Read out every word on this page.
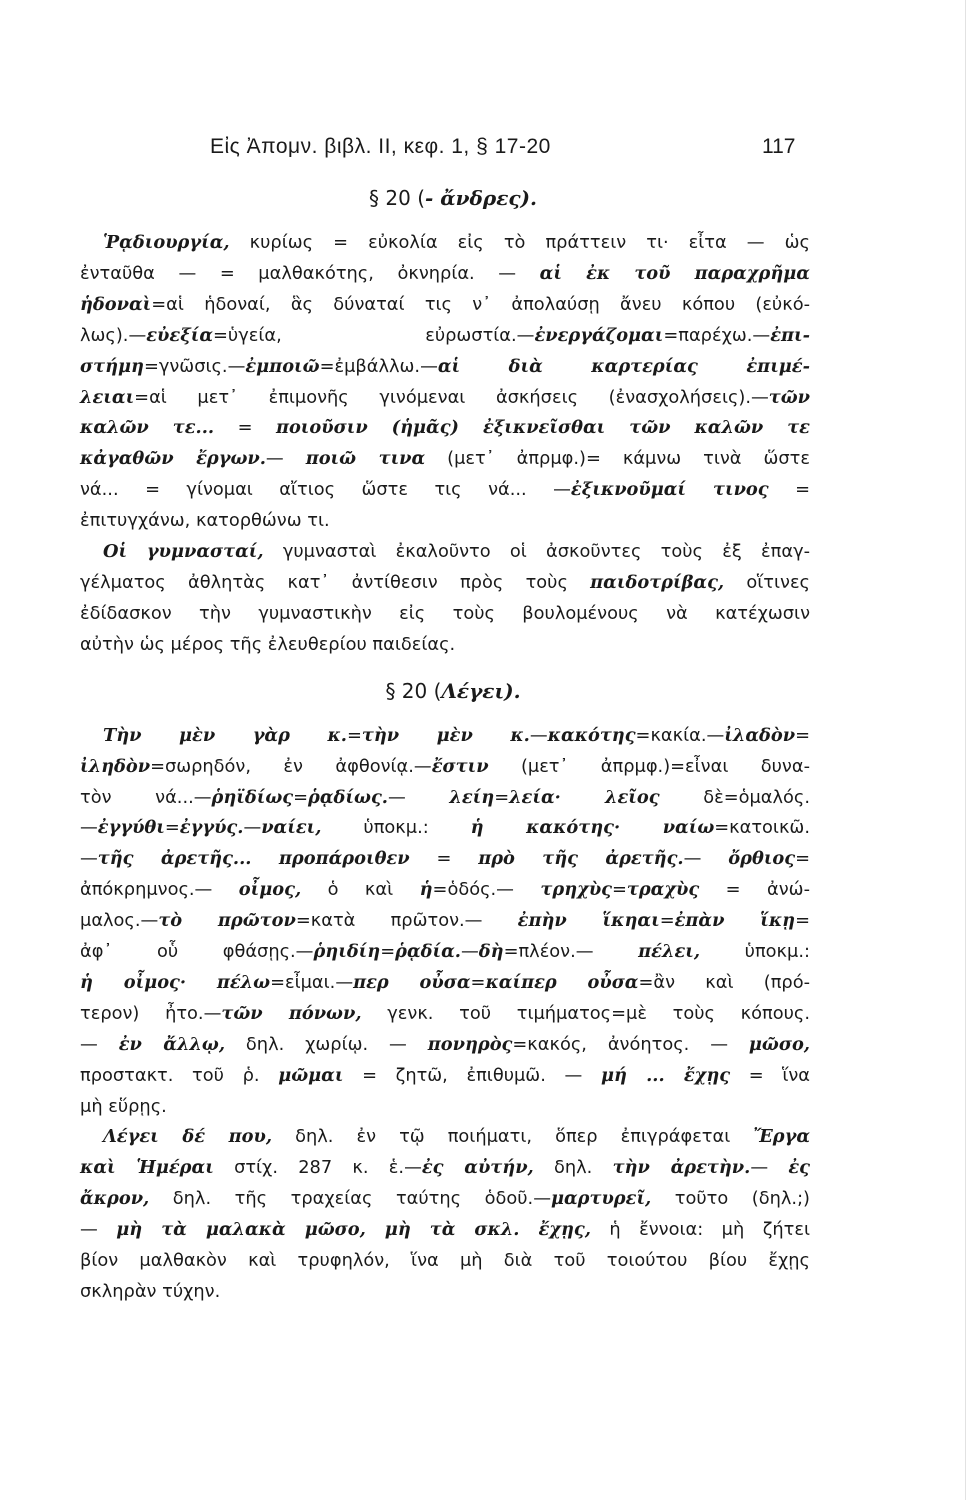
Εἰς Ἀπομν. βιβλ. ΙΙ, κεφ. 1, § 17-20	117
§ 20 (- ἄνδρες).
Ῥᾳδιουργία, κυρίως = εὐκολία εἰς τὸ πράττειν τι· εἶτα — ὡς
ἐνταῦθα — = μαλθακότης, ὀκνηρία. — αἱ ἐκ τοῦ παραχρῆμα
ἡδοναὶ=αἱ ἡδοναί, ἃς δύναταί τις ν᾿ ἀπολαύσῃ ἄνευ κόπου (εὐκό-
λως).—εὐεξία=ὑγεία, εὐρωστία.—ἐνεργάζομαι=παρέχω.—ἐπι-
στήμη=γνῶσις.—ἐμποιῶ=ἐμβάλλω.—αἱ διὰ καρτερίας ἐπιμέ-
λειαι=αἱ μετ᾿ ἐπιμονῆς γινόμεναι ἀσκήσεις (ἐνασχολήσεις).—τῶν
καλῶν τε... = ποιοῦσιν (ἡμᾶς) ἐξικνεῖσθαι τῶν καλῶν τε
κἀγαθῶν ἔργων.— ποιῶ τινα (μετ᾿ ἀπρμφ.)= κάμνω τινὰ ὥστε
νά... = γίνομαι αἴτιος ὥστε τις νά... —ἐξικνοῦμαί τινος =
ἐπιτυγχάνω, κατορθώνω τι.
Οἱ γυμνασταί, γυμνασταὶ ἐκαλοῦντο οἱ ἀσκοῦντες τοὺς ἐξ ἐπαγ-
γέλματος ἀθλητὰς κατ᾿ ἀντίθεσιν πρὸς τοὺς παιδοτρίβας, οἵτινες
ἐδίδασκον τὴν γυμναστικὴν εἰς τοὺς βουλομένους νὰ κατέχωσιν
αὐτὴν ὡς μέρος τῆς ἐλευθερίου παιδείας.
§ 20 (Λέγει).
Τὴν μὲν γὰρ κ.=τὴν μὲν κ.—κακότης=κακία.—ἰλαδὸν=
ἰληδὸν=σωρηδόν, ἐν ἀφθονίᾳ.—ἔστιν (μετ᾿ ἀπρμφ.)=εἶναι δυνα-
τὸν νά...—ῥηϊδίως=ῥᾳδίως.— λείη=λεία· λεῖος δὲ=ὁμαλός.
—ἐγγύθι=ἐγγύς.—ναίει, ὑποκμ.: ἡ κακότης· ναίω=κατοικῶ.
—τῆς ἀρετῆς... προπάροιθεν = πρὸ τῆς ἀρετῆς.— ὄρθιος=
ἀπόκρημνος.— οἶμος, ὁ καὶ ἡ=ὁδός.— τρηχὺς=τραχὺς = ἀνώ-
μαλος.—τὸ πρῶτον=κατὰ πρῶτον.— ἐπὴν ἵκηαι=ἐπὰν ἵκῃ=
ἀφ᾿ οὗ φθάσῃς.—ῥηιδίη=ῥᾳδία.—δὴ=πλέον.— πέλει, ὑποκμ.:
ἡ οἶμος· πέλω=εἶμαι.—περ οὖσα=καίπερ οὖσα=ἂν καὶ (πρό-
τερον) ἦτο.—τῶν πόνων, γενκ. τοῦ τιμήματος=μὲ τοὺς κόπους.
— ἐν ἄλλῳ, δηλ. χωρίῳ. — πονηρὸς=κακός, ἀνόητος. — μῶσο,
προστακτ. τοῦ ῥ. μῶμαι = ζητῶ, ἐπιθυμῶ. — μή ... ἔχῃς = ἵνα
μὴ εὕρῃς.
Λέγει δέ που, δηλ. ἐν τῷ ποιήματι, ὅπερ ἐπιγράφεται Ἔργα
καὶ Ἡμέραι στίχ. 287 κ. ἑ.—ἐς αὐτήν, δηλ. τὴν ἀρετὴν.— ἐς
ἄκρον, δηλ. τῆς τραχείας ταύτης ὁδοῦ.—μαρτυρεῖ, τοῦτο (δηλ.;)
— μὴ τὰ μαλακὰ μῶσο, μὴ τὰ σκλ. ἔχῃς, ἡ ἔννοια: μὴ ζήτει
βίον μαλθακὸν καὶ τρυφηλόν, ἵνα μὴ διὰ τοῦ τοιούτου βίου ἔχῃς
σκληρὰν τύχην.
